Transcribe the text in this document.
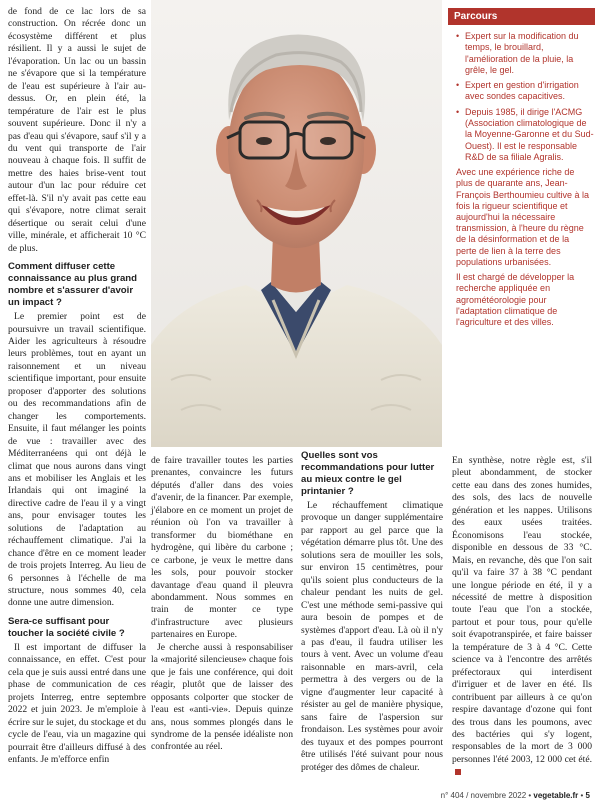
de fond de ce lac lors de sa construction. On récrée donc un écosystème différent et plus résilient. Il y a aussi le sujet de l'évaporation. Un lac ou un bassin ne s'évapore que si la température de l'eau est supérieure à l'air au-dessus. Or, en plein été, la température de l'air est le plus souvent supérieure. Donc il n'y a pas d'eau qui s'évapore, sauf s'il y a du vent qui transporte de l'air nouveau à chaque fois. Il suffit de mettre des haies brise-vent tout autour d'un lac pour réduire cet effet-là. S'il n'y avait pas cette eau qui s'évapore, notre climat serait désertique ou serait celui d'une ville, minérale, et afficherait 10 °C de plus.

Comment diffuser cette connaissance au plus grand nombre et s'assurer d'avoir un impact ?

Le premier point est de poursuivre un travail scientifique. Aider les agriculteurs à résoudre leurs problèmes, tout en ayant un raisonnement et un niveau scientifique important, pour ensuite proposer d'apporter des solutions ou des recommandations afin de changer les comportements. Ensuite, il faut mélanger les points de vue : travailler avec des Méditerranéens qui ont déjà le climat que nous aurons dans vingt ans et mobiliser les Anglais et les Irlandais qui ont imaginé la directive cadre de l'eau il y a vingt ans, pour envisager toutes les solutions de l'adaptation au réchauffement climatique. J'ai la chance d'être en ce moment leader de trois projets Interreg. Au lieu de 6 personnes à l'échelle de ma structure, nous sommes 40, cela donne une autre dimension.

Sera-ce suffisant pour toucher la société civile ?

Il est important de diffuser la connaissance, en effet. C'est pour cela que je suis aussi entré dans une phase de communication de ces projets Interreg, entre septembre 2022 et juin 2023. Je m'emploie à écrire sur le sujet, du stockage et du cycle de l'eau, via un magazine qui pourrait être d'ailleurs diffusé à des enfants. Je m'efforce enfin

Parcours
• Expert sur la modification du temps, le brouillard, l'amélioration de la pluie, la grêle, le gel.
• Expert en gestion d'irrigation avec sondes capacitives.
• Depuis 1985, il dirige l'ACMG (Association climatologique de la Moyenne-Garonne et du Sud-Ouest). Il est le responsable R&D de sa filiale Agralis.

Avec une expérience riche de plus de quarante ans, Jean-François Berthoumieu cultive à la fois la rigueur scientifique et aujourd'hui la nécessaire transmission, à l'heure du règne de la désinformation et de la perte de lien à la terre des populations urbanisées.

Il est chargé de développer la recherche appliquée en agrométéorologie pour l'adaptation climatique de l'agriculture et des villes.

de faire travailler toutes les parties prenantes, convaincre les futurs députés d'aller dans des voies d'avenir, de la financer. Par exemple, j'élabore en ce moment un projet de réunion où l'on va travailler à transformer du biométhane en hydrogène, qui libère du carbone ; ce carbone, je veux le mettre dans les sols, pour pouvoir stocker davantage d'eau quand il pleuvra abondamment. Nous sommes en train de monter ce type d'infrastructure avec plusieurs partenaires en Europe.

Je cherche aussi à responsabiliser la «majorité silencieuse» chaque fois que je fais une conférence, qui doit réagir, plutôt que de laisser des opposants colporter que stocker de l'eau est «anti-vie». Depuis quinze ans, nous sommes plongés dans le syndrome de la pensée idéaliste non confrontée au réel.

Quelles sont vos recommandations pour lutter au mieux contre le gel printanier ?

Le réchauffement climatique provoque un danger supplémentaire par rapport au gel parce que la végétation démarre plus tôt. Une des solutions sera de mouiller les sols, sur environ 15 centimètres, pour qu'ils soient plus conducteurs de la chaleur pendant les nuits de gel. C'est une méthode semi-passive qui aura besoin de pompes et de systèmes d'apport d'eau. Là où il n'y a pas d'eau, il faudra utiliser les tours à vent. Avec un volume d'eau raisonnable en mars-avril, cela permettra à des vergers ou de la vigne d'augmenter leur capacité à résister au gel de manière physique, sans faire de l'aspersion sur frondaison. Les systèmes pour avoir des tuyaux et des pompes pourront être utilisés l'été suivant pour nous protéger des dômes de chaleur.

En synthèse, notre règle est, s'il pleut abondamment, de stocker cette eau dans des zones humides, des sols, des lacs de nouvelle génération et les nappes. Utilisons des eaux usées traitées. Économisons l'eau stockée, disponible en dessous de 33 °C. Mais, en revanche, dès que l'on sait qu'il va faire 37 à 38 °C pendant une longue période en été, il y a nécessité de mettre à disposition toute l'eau que l'on a stockée, partout et pour tous, pour qu'elle soit évapotranspirée, et faire baisser la température de 3 à 4 °C. Cette science va à l'encontre des arrêtés préfectoraux qui interdisent d'irriguer et de laver en été. Ils contribuent par ailleurs à ce qu'on respire davantage d'ozone qui font des trous dans les poumons, avec des bactéries qui s'y logent, responsables de la mort de 3 000 personnes l'été 2003, 12 000 cet été.

n° 404 / novembre 2022 • vegetable.fr • 5
